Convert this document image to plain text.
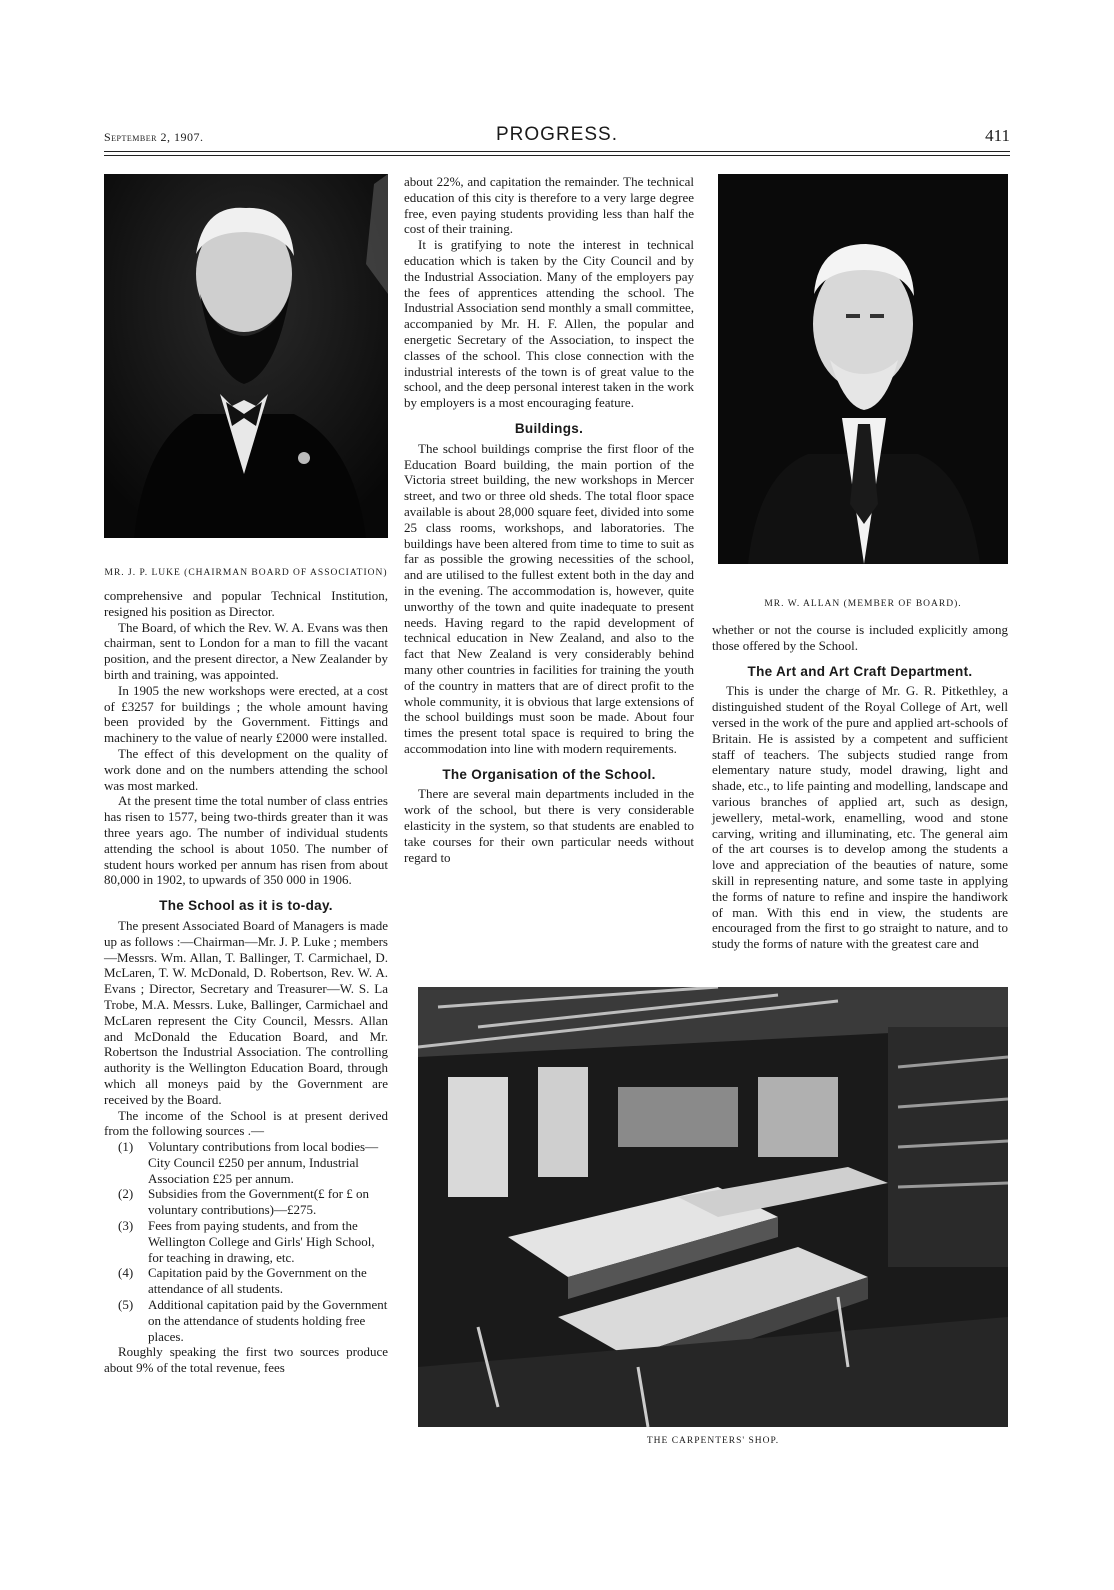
September 2, 1907.	PROGRESS.	411
MR. J. P. LUKE (CHAIRMAN BOARD OF ASSOCIATION)
MR. W. ALLAN (MEMBER OF BOARD).
THE CARPENTERS' SHOP.

comprehensive and popular Technical Institution, resigned his position as Director.

The Board, of which the Rev. W. A. Evans was then chairman, sent to London for a man to fill the vacant position, and the present director, a New Zealander by birth and training, was appointed.

In 1905 the new workshops were erected, at a cost of £3257 for buildings ; the whole amount having been provided by the Government. Fittings and machinery to the value of nearly £2000 were installed.

The effect of this development on the quality of work done and on the numbers attending the school was most marked.

At the present time the total number of class entries has risen to 1577, being two-thirds greater than it was three years ago. The number of individual students attending the school is about 1050. The number of student hours worked per annum has risen from about 80,000 in 1902, to upwards of 350 000 in 1906.

The School as it is to-day.

The present Associated Board of Managers is made up as follows :—Chairman—Mr. J. P. Luke ; members—Messrs. Wm. Allan, T. Ballinger, T. Carmichael, D. McLaren, T. W. McDonald, D. Robertson, Rev. W. A. Evans ; Director, Secretary and Treasurer—W. S. La Trobe, M.A. Messrs. Luke, Ballinger, Carmichael and McLaren represent the City Council, Messrs. Allan and McDonald the Education Board, and Mr. Robertson the Industrial Association. The controlling authority is the Wellington Education Board, through which all moneys paid by the Government are received by the Board.

The income of the School is at present derived from the following sources .—

(1) Voluntary contributions from local bodies—City Council £250 per annum, Industrial Association £25 per annum.
(2) Subsidies from the Government(£ for £ on voluntary contributions)—£275.
(3) Fees from paying students, and from the Wellington College and Girls' High School, for teaching in drawing, etc.
(4) Capitation paid by the Government on the attendance of all students.
(5) Additional capitation paid by the Government on the attendance of students holding free places.

Roughly speaking the first two sources produce about 9% of the total revenue, fees

about 22%, and capitation the remainder. The technical education of this city is therefore to a very large degree free, even paying students providing less than half the cost of their training.

It is gratifying to note the interest in technical education which is taken by the City Council and by the Industrial Association. Many of the employers pay the fees of apprentices attending the school. The Industrial Association send monthly a small committee, accompanied by Mr. H. F. Allen, the popular and energetic Secretary of the Association, to inspect the classes of the school. This close connection with the industrial interests of the town is of great value to the school, and the deep personal interest taken in the work by employers is a most encouraging feature.

Buildings.

The school buildings comprise the first floor of the Education Board building, the main portion of the Victoria street building, the new workshops in Mercer street, and two or three old sheds. The total floor space available is about 28,000 square feet, divided into some 25 class rooms, workshops, and laboratories. The buildings have been altered from time to time to suit as far as possible the growing necessities of the school, and are utilised to the fullest extent both in the day and in the evening. The accommodation is, however, quite unworthy of the town and quite inadequate to present needs. Having regard to the rapid development of technical education in New Zealand, and also to the fact that New Zealand is very considerably behind many other countries in facilities for training the youth of the country in matters that are of direct profit to the whole community, it is obvious that large extensions of the school buildings must soon be made. About four times the present total space is required to bring the accommodation into line with modern requirements.

The Organisation of the School.

There are several main departments included in the work of the school, but there is very considerable elasticity in the system, so that students are enabled to take courses for their own particular needs without regard to

whether or not the course is included explicitly among those offered by the School.

The Art and Art Craft Department.

This is under the charge of Mr. G. R. Pitkethley, a distinguished student of the Royal College of Art, well versed in the work of the pure and applied art-schools of Britain. He is assisted by a competent and sufficient staff of teachers. The subjects studied range from elementary nature study, model drawing, light and shade, etc., to life painting and modelling, landscape and various branches of applied art, such as design, jewellery, metal-work, enamelling, wood and stone carving, writing and illuminating, etc. The general aim of the art courses is to develop among the students a love and appreciation of the beauties of nature, some skill in representing nature, and some taste in applying the forms of nature to refine and inspire the handiwork of man. With this end in view, the students are encouraged from the first to go straight to nature, and to study the forms of nature with the greatest care and
